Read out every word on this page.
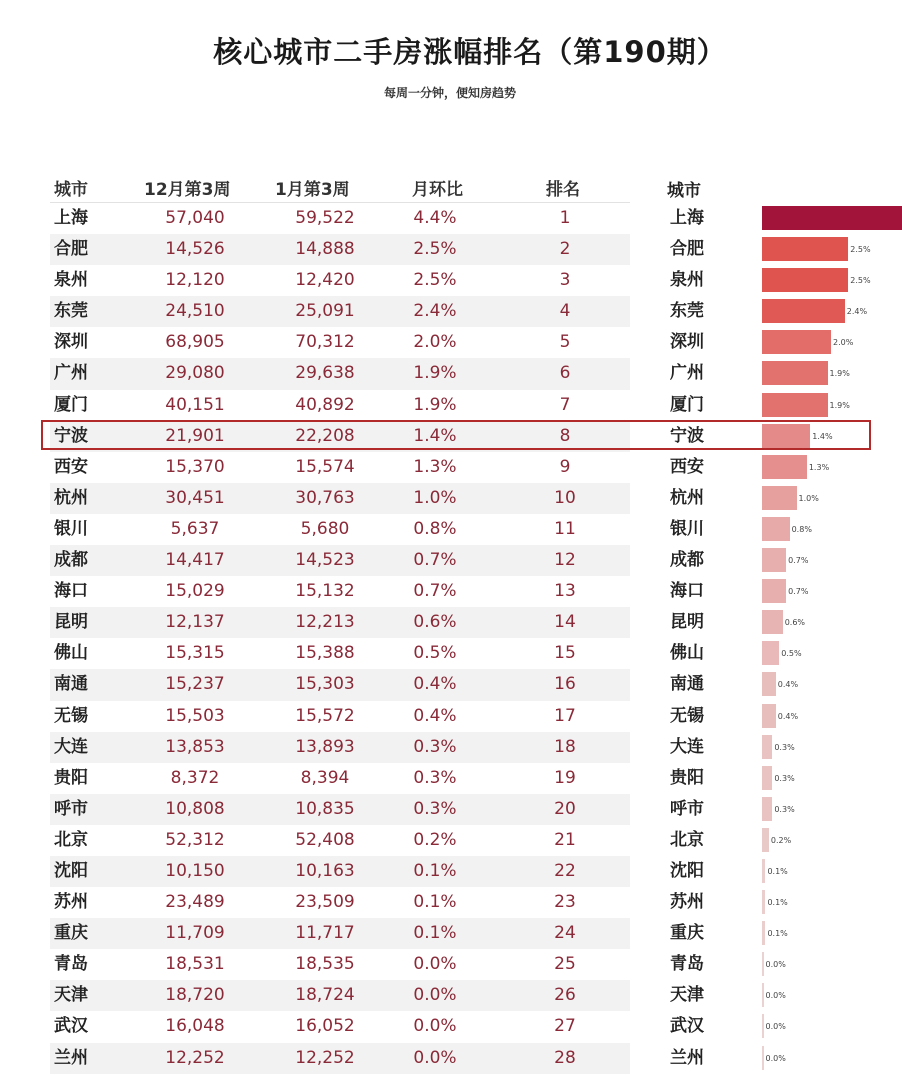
核心城市二手房涨幅排名（第190期）
每周一分钟，便知房趋势
城市	12月第3周	1月第3周	月环比	排名
上海	57,040	59,522	4.4%	1
合肥	14,526	14,888	2.5%	2
泉州	12,120	12,420	2.5%	3
东莞	24,510	25,091	2.4%	4
深圳	68,905	70,312	2.0%	5
广州	29,080	29,638	1.9%	6
厦门	40,151	40,892	1.9%	7
宁波	21,901	22,208	1.4%	8
西安	15,370	15,574	1.3%	9
杭州	30,451	30,763	1.0%	10
银川	5,637	5,680	0.8%	11
成都	14,417	14,523	0.7%	12
海口	15,029	15,132	0.7%	13
昆明	12,137	12,213	0.6%	14
佛山	15,315	15,388	0.5%	15
南通	15,237	15,303	0.4%	16
无锡	15,503	15,572	0.4%	17
大连	13,853	13,893	0.3%	18
贵阳	8,372	8,394	0.3%	19
呼市	10,808	10,835	0.3%	20
北京	52,312	52,408	0.2%	21
沈阳	10,150	10,163	0.1%	22
苏州	23,489	23,509	0.1%	23
重庆	11,709	11,717	0.1%	24
青岛	18,531	18,535	0.0%	25
天津	18,720	18,724	0.0%	26
武汉	16,048	16,052	0.0%	27
兰州	12,252	12,252	0.0%	28
城市
上海
合肥	2.5%
泉州	2.5%
东莞	2.4%
深圳	2.0%
广州	1.9%
厦门	1.9%
宁波	1.4%
西安	1.3%
杭州	1.0%
银川	0.8%
成都	0.7%
海口	0.7%
昆明	0.6%
佛山	0.5%
南通	0.4%
无锡	0.4%
大连	0.3%
贵阳	0.3%
呼市	0.3%
北京	0.2%
沈阳	0.1%
苏州	0.1%
重庆	0.1%
青岛	0.0%
天津	0.0%
武汉	0.0%
兰州	0.0%
